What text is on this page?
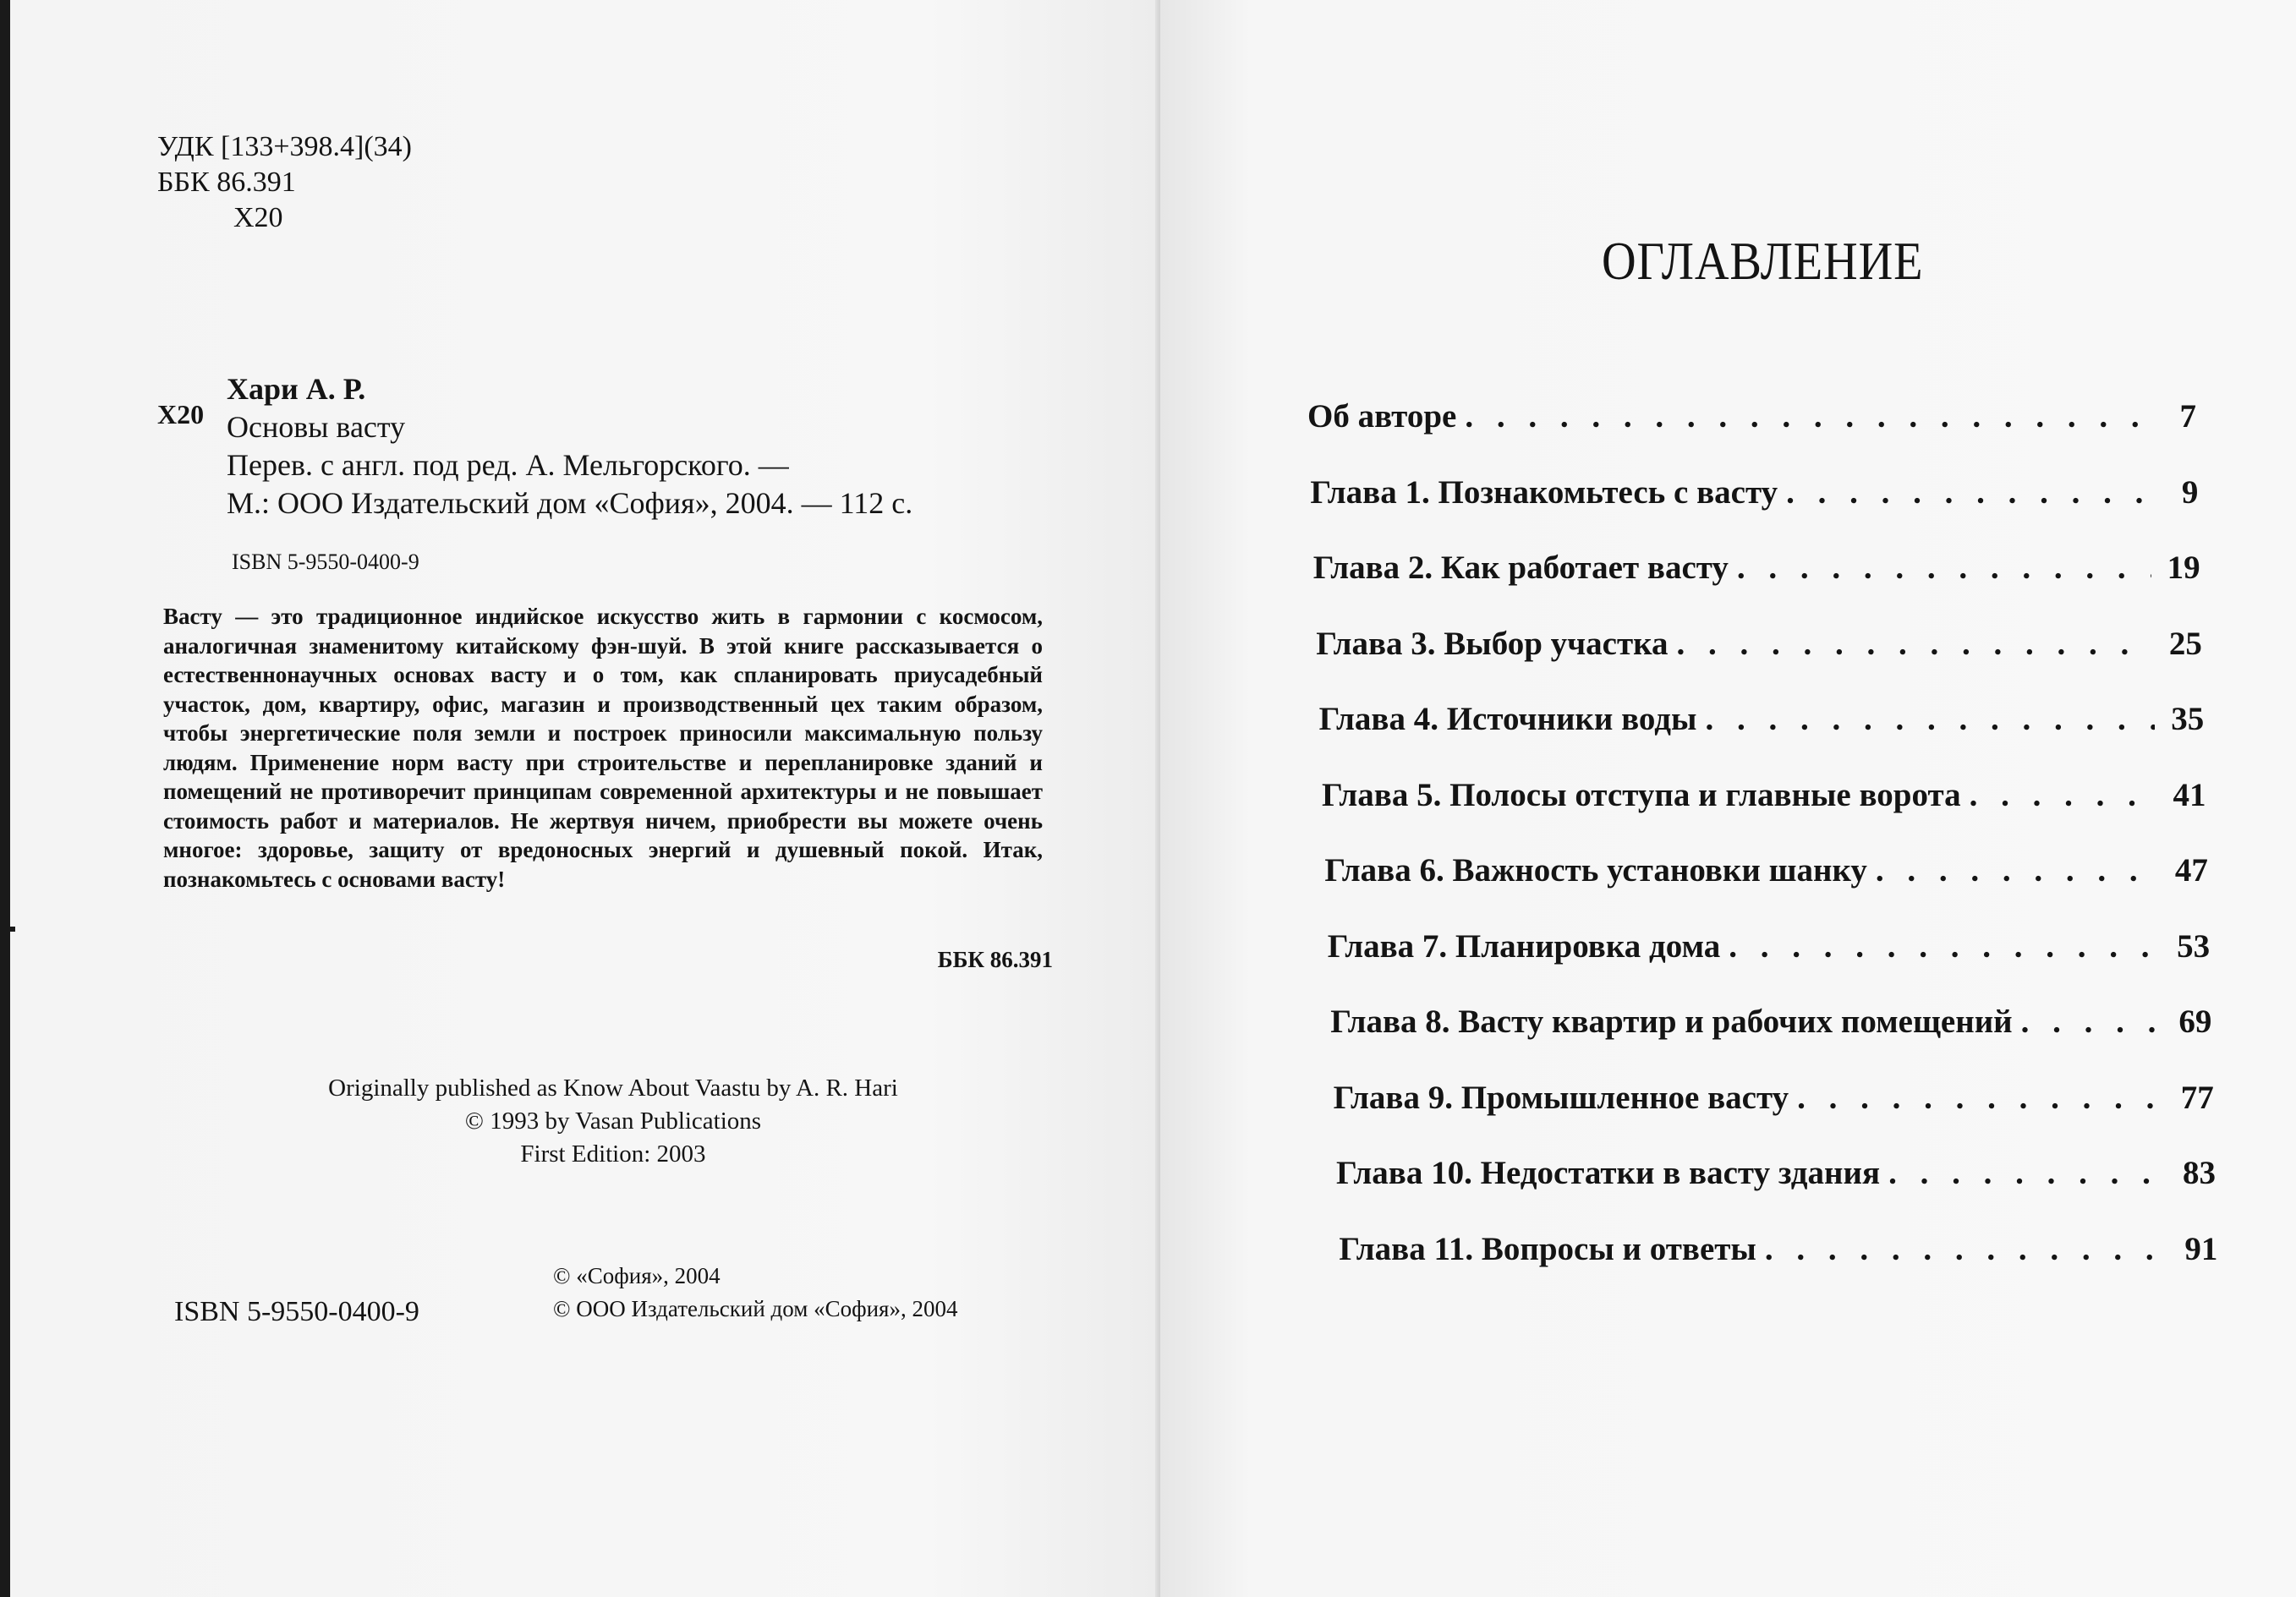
УДК [133+398.4](34)

ББК 86.391

Х20

Х20

Хари А. Р.
Основы васту
Перев. с англ. под ред. А. Мельгорского. —
М.: ООО Издательский дом «София», 2004. — 112 с.

ISBN 5-9550-0400-9

Васту — это традиционное индийское искусство жить в гармонии с космосом, аналогичная знаменитому китайскому фэн-шуй. В этой книге рассказывается о естественнонаучных основах васту и о том, как спланировать приусадебный участок, дом, квартиру, офис, магазин и производственный цех таким образом, чтобы энергетические поля земли и построек приносили максимальную пользу людям. Применение норм васту при строительстве и перепланировке зданий и помещений не противоречит принципам современной архитектуры и не повышает стоимость работ и материалов. Не жертвуя ничем, приобрести вы можете очень многое: здоровье, защиту от вредоносных энергий и душевный покой. Итак, познакомьтесь с основами васту!

ББК 86.391

Originally published as Know About Vaastu by A. R. Hari
© 1993 by Vasan Publications
First Edition: 2003

ISBN 5-9550-0400-9

© «София», 2004
© ООО Издательский дом «София», 2004
ОГЛАВЛЕНИЕ
Об авторе . . .	7
Глава 1. Познакомьтесь с васту . . .	9
Глава 2. Как работает васту . . .	19
Глава 3. Выбор участка . . .	25
Глава 4. Источники воды . . .	35
Глава 5. Полосы отступа и главные ворота . . .	41
Глава 6. Важность установки шанку . . .	47
Глава 7. Планировка дома . . .	53
Глава 8. Васту квартир и рабочих помещений . . .	69
Глава 9. Промышленное васту . . .	77
Глава 10. Недостатки в васту здания . . .	83
Глава 11. Вопросы и ответы . . .	91
